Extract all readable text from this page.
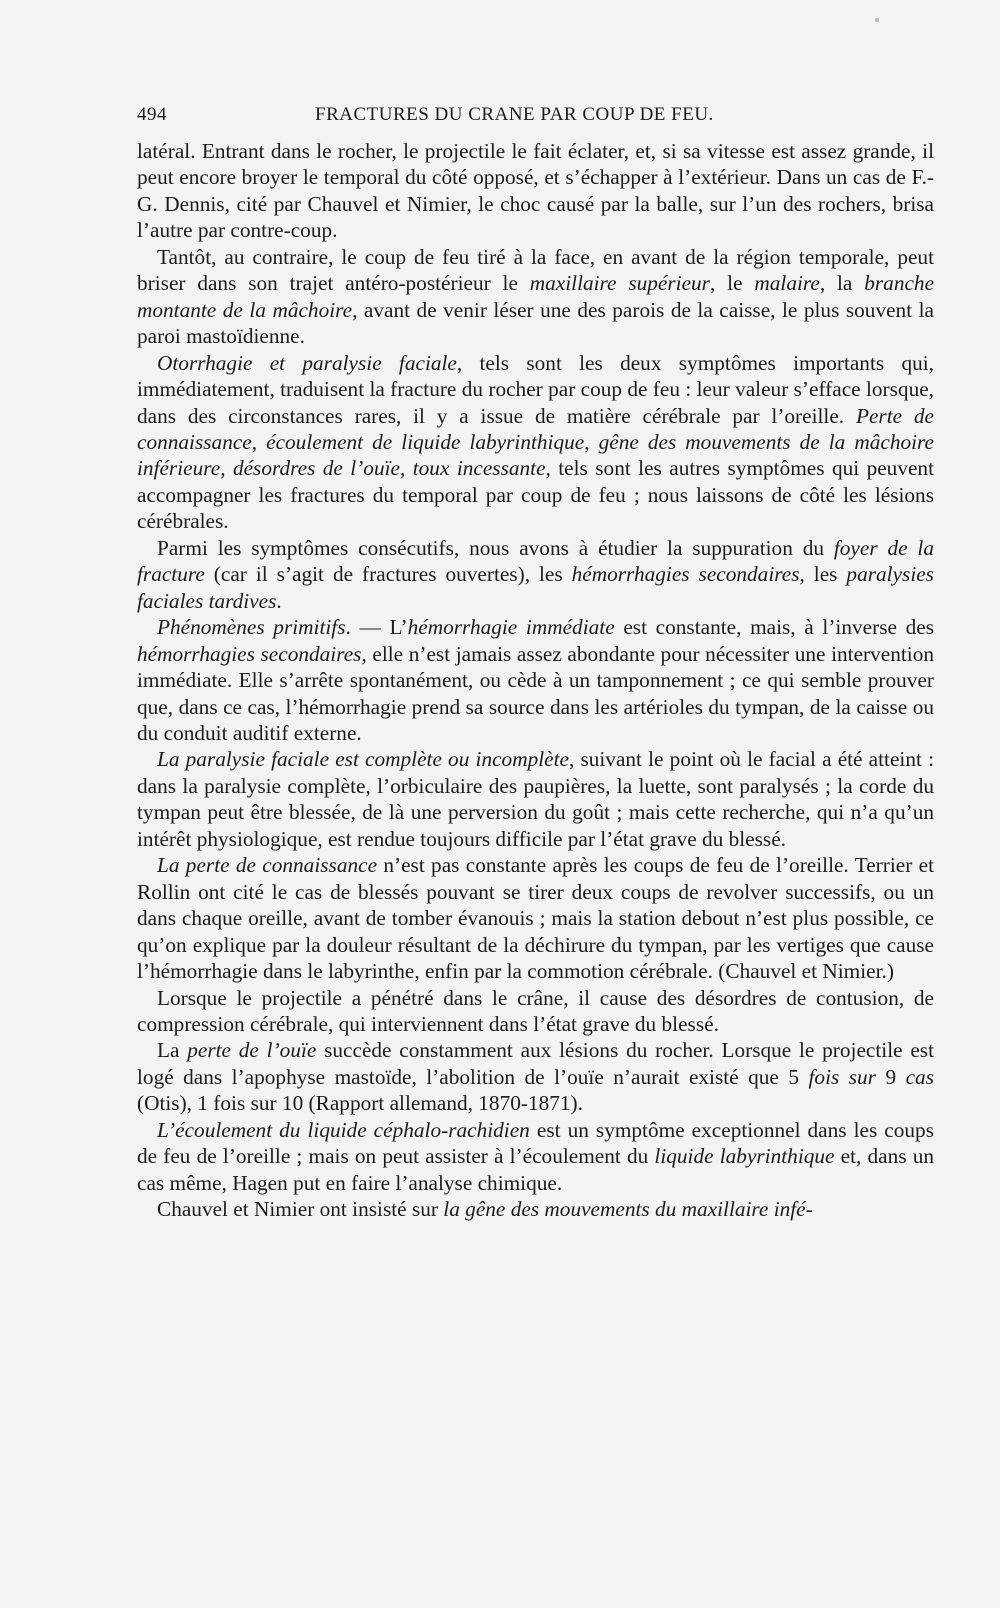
494	FRACTURES DU CRANE PAR COUP DE FEU.

latéral. Entrant dans le rocher, le projectile le fait éclater, et, si sa vitesse est assez grande, il peut encore broyer le temporal du côté opposé, et s’échapper à l’extérieur. Dans un cas de F.-G. Dennis, cité par Chauvel et Nimier, le choc causé par la balle, sur l’un des rochers, brisa l’autre par contre-coup.

Tantôt, au contraire, le coup de feu tiré à la face, en avant de la région temporale, peut briser dans son trajet antéro-postérieur le maxillaire supérieur, le malaire, la branche montante de la mâchoire, avant de venir léser une des parois de la caisse, le plus souvent la paroi mastoïdienne.

Otorrhagie et paralysie faciale, tels sont les deux symptômes importants qui, immédiatement, traduisent la fracture du rocher par coup de feu : leur valeur s’efface lorsque, dans des circonstances rares, il y a issue de matière cérébrale par l’oreille. Perte de connaissance, écoulement de liquide labyrinthique, gêne des mouvements de la mâchoire inférieure, désordres de l’ouïe, toux incessante, tels sont les autres symptômes qui peuvent accompagner les fractures du temporal par coup de feu ; nous laissons de côté les lésions cérébrales.

Parmi les symptômes consécutifs, nous avons à étudier la suppuration du foyer de la fracture (car il s’agit de fractures ouvertes), les hémorrhagies secondaires, les paralysies faciales tardives.

Phénomènes primitifs. — L’hémorrhagie immédiate est constante, mais, à l’inverse des hémorrhagies secondaires, elle n’est jamais assez abondante pour nécessiter une intervention immédiate. Elle s’arrête spontanément, ou cède à un tamponnement ; ce qui semble prouver que, dans ce cas, l’hémorrhagie prend sa source dans les artérioles du tympan, de la caisse ou du conduit auditif externe.

La paralysie faciale est complète ou incomplète, suivant le point où le facial a été atteint : dans la paralysie complète, l’orbiculaire des paupières, la luette, sont paralysés ; la corde du tympan peut être blessée, de là une perversion du goût ; mais cette recherche, qui n’a qu’un intérêt physiologique, est rendue toujours difficile par l’état grave du blessé.

La perte de connaissance n’est pas constante après les coups de feu de l’oreille. Terrier et Rollin ont cité le cas de blessés pouvant se tirer deux coups de revolver successifs, ou un dans chaque oreille, avant de tomber évanouis ; mais la station debout n’est plus possible, ce qu’on explique par la douleur résultant de la déchirure du tympan, par les vertiges que cause l’hémorrhagie dans le labyrinthe, enfin par la commotion cérébrale. (Chauvel et Nimier.)

Lorsque le projectile a pénétré dans le crâne, il cause des désordres de contusion, de compression cérébrale, qui interviennent dans l’état grave du blessé.

La perte de l’ouïe succède constamment aux lésions du rocher. Lorsque le projectile est logé dans l’apophyse mastoïde, l’abolition de l’ouïe n’aurait existé que 5 fois sur 9 cas (Otis), 1 fois sur 10 (Rapport allemand, 1870-1871).

L’écoulement du liquide céphalo-rachidien est un symptôme exceptionnel dans les coups de feu de l’oreille ; mais on peut assister à l’écoulement du liquide labyrinthique et, dans un cas même, Hagen put en faire l’analyse chimique.

Chauvel et Nimier ont insisté sur la gêne des mouvements du maxillaire infé-
